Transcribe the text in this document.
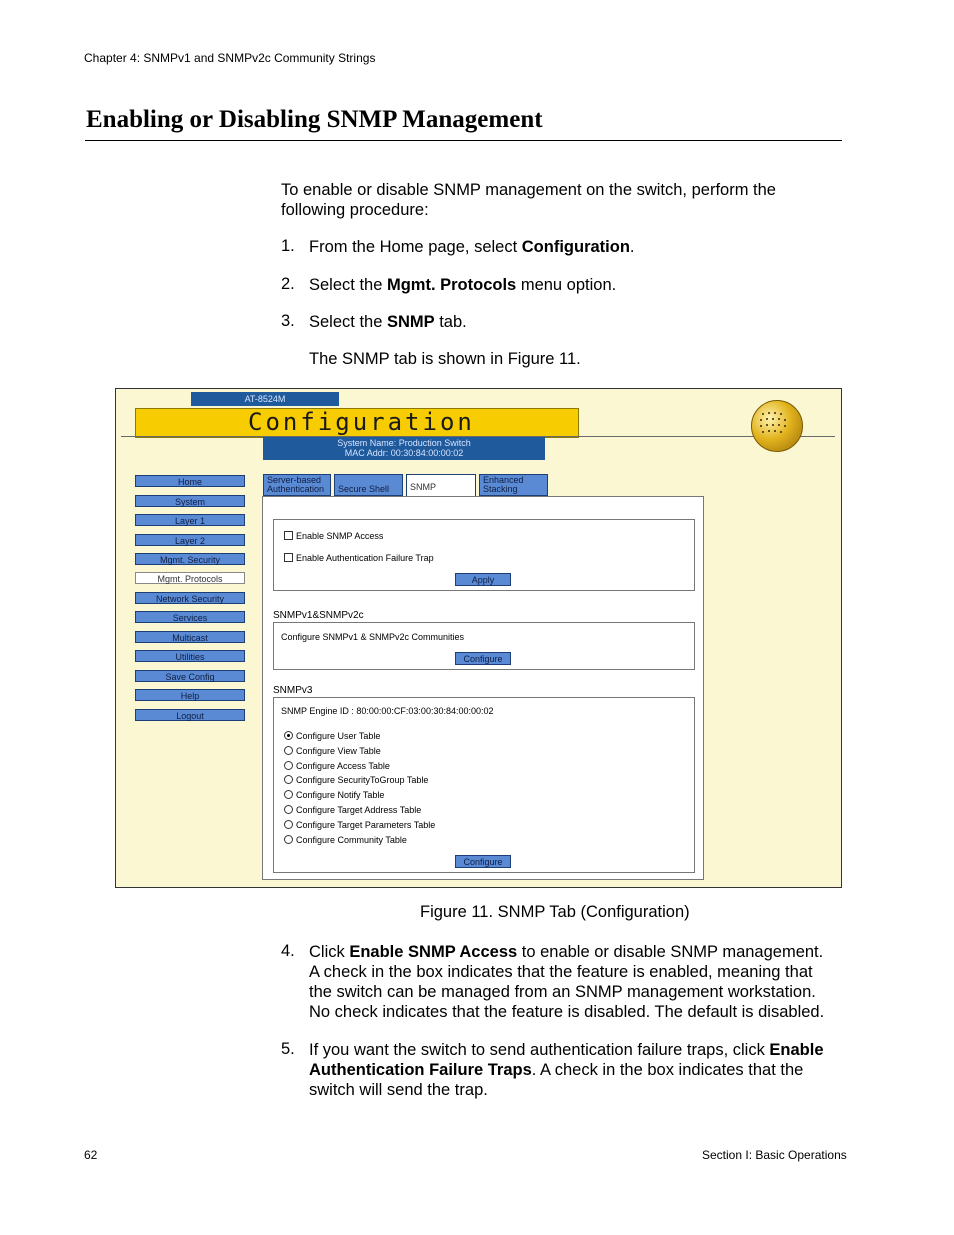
Chapter 4: SNMPv1 and SNMPv2c Community Strings
Enabling or Disabling SNMP Management
To enable or disable SNMP management on the switch, perform the
following procedure:
1. From the Home page, select Configuration.
2. Select the Mgmt. Protocols menu option.
3. Select the SNMP tab.
The SNMP tab is shown in Figure 11.
AT-8524M
Configuration
System Name: Production Switch
MAC Addr: 00:30:84:00:00:02
Home
System
Layer 1
Layer 2
Mgmt. Security
Mgmt. Protocols
Network Security
Services
Multicast
Utilities
Save Config
Help
Logout
Server-based
Authentication	Secure Shell	SNMP
Enhanced
Stacking
Enable SNMP Access
Enable Authentication Failure Trap
Apply
SNMPv1&SNMPv2c
Configure SNMPv1 & SNMPv2c Communities
Configure
SNMPv3
SNMP Engine ID : 80:00:00:CF:03:00:30:84:00:00:02
Configure User Table
Configure View Table
Configure Access Table
Configure SecurityToGroup Table
Configure Notify Table
Configure Target Address Table
Configure Target Parameters Table
Configure Community Table
Configure
Figure 11. SNMP Tab (Configuration)
4. Click Enable SNMP Access to enable or disable SNMP management.
A check in the box indicates that the feature is enabled, meaning that
the switch can be managed from an SNMP management workstation.
No check indicates that the feature is disabled. The default is disabled.
5. If you want the switch to send authentication failure traps, click Enable
Authentication Failure Traps. A check in the box indicates that the
switch will send the trap.
62	Section I: Basic Operations
